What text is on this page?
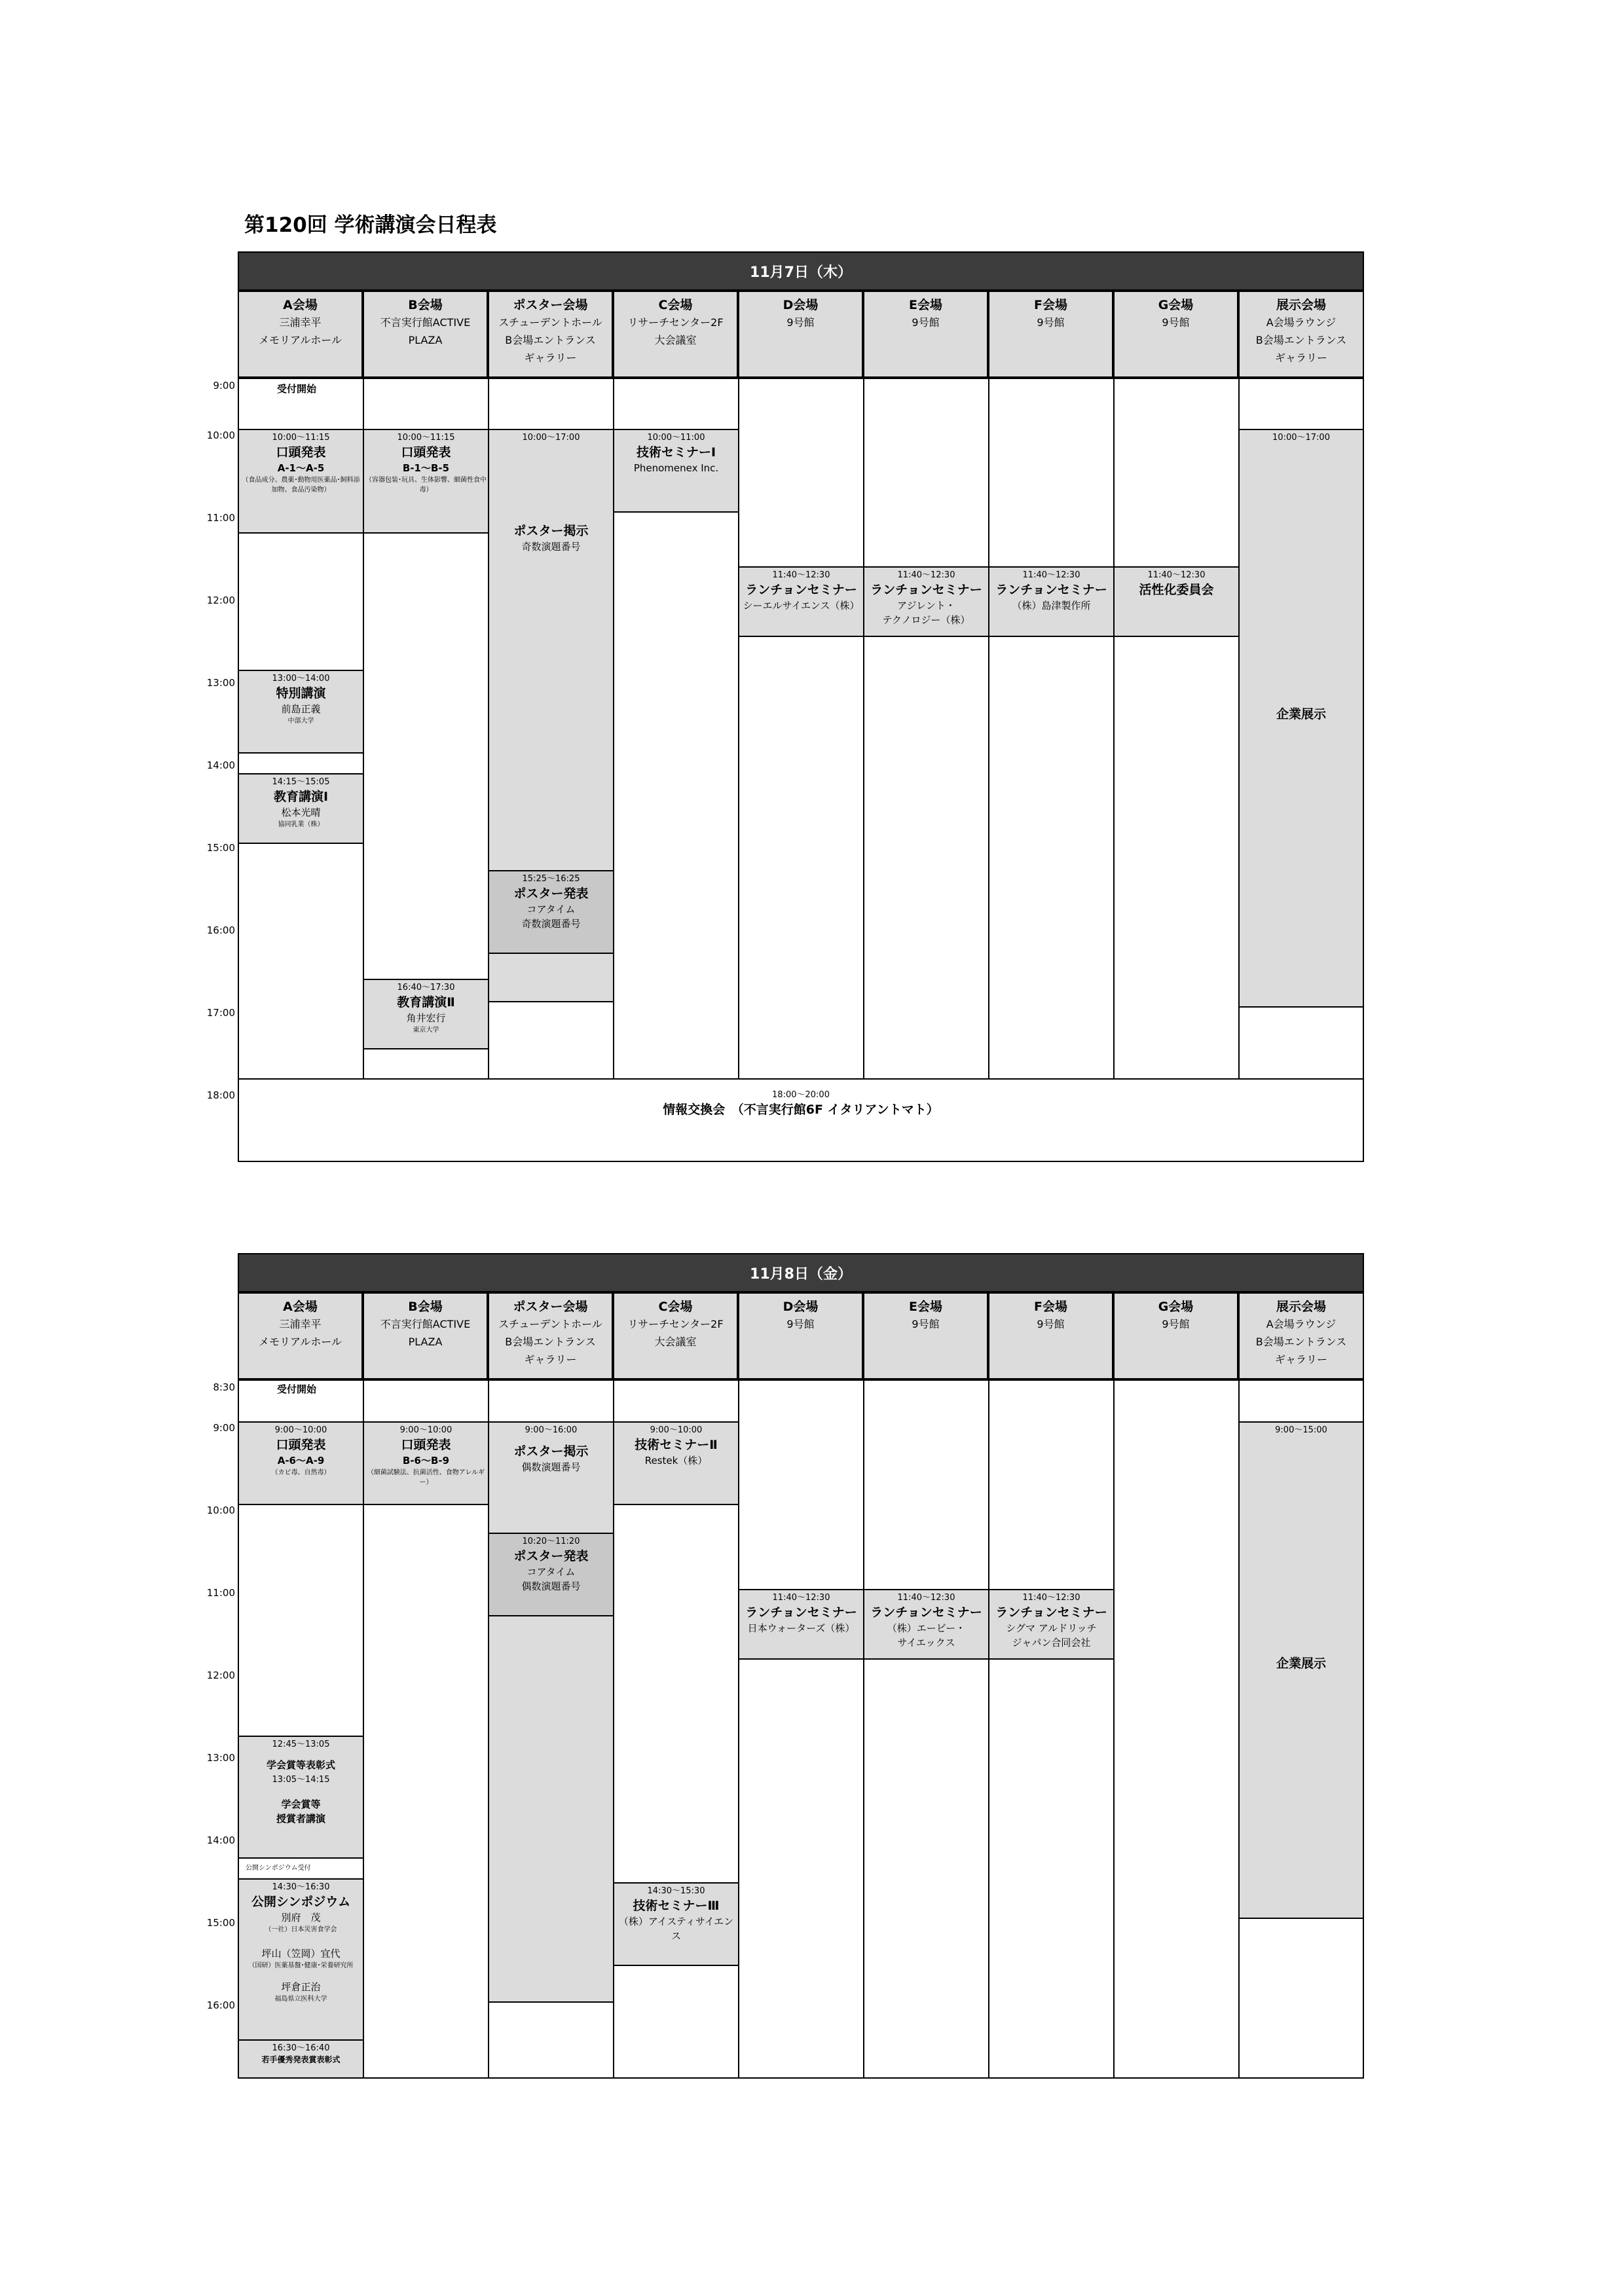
第120回 学術講演会日程表
11月7日（木）
A会場
三浦幸平
メモリアルホール
B会場
不言実行館ACTIVE
PLAZA
ポスター会場
スチューデントホール
B会場エントランス
ギャラリー
C会場
リサーチセンター2F
大会議室
D会場
9号館
E会場
9号館
F会場
9号館
G会場
9号館
展示会場
A会場ラウンジ
B会場エントランス
ギャラリー
9:00
10:00
11:00
12:00
13:00
14:00
15:00
16:00
17:00
18:00
受付開始
10:00～11:15
口頭発表
A-1～A-5
（食品成分、農薬･動物用医薬品･飼料添加物、食品汚染物）
13:00～14:00
特別講演
前島正義
中部大学
14:15～15:05
教育講演Ⅰ
松本光晴
協同乳業（株）
10:00～11:15
口頭発表
B-1～B-5
（容器包装･玩具、生体影響、細菌性食中毒）
16:40～17:30
教育講演Ⅱ
角井宏行
東京大学
10:00～17:00
ポスター掲示
奇数演題番号
15:25～16:25
ポスター発表
コアタイム
奇数演題番号
10:00～11:00
技術セミナーⅠ
Phenomenex Inc.
11:40～12:30
ランチョンセミナー
シーエルサイエンス（株）
11:40～12:30
ランチョンセミナー
アジレント・
テクノロジー（株）
11:40～12:30
ランチョンセミナー
（株）島津製作所
11:40～12:30
活性化委員会
10:00～17:00
企業展示
18:00～20:00
情報交換会　（不言実行館6F イタリアントマト）
11月8日（金）
A会場
三浦幸平
メモリアルホール
B会場
不言実行館ACTIVE
PLAZA
ポスター会場
スチューデントホール
B会場エントランス
ギャラリー
C会場
リサーチセンター2F
大会議室
D会場
9号館
E会場
9号館
F会場
9号館
G会場
9号館
展示会場
A会場ラウンジ
B会場エントランス
ギャラリー
8:30
9:00
10:00
11:00
12:00
13:00
14:00
15:00
16:00
受付開始
9:00～10:00
口頭発表
A-6～A-9
（カビ毒、自然毒）
12:45～13:05
学会賞等表彰式
13:05～14:15
学会賞等
授賞者講演
公開シンポジウム受付
14:30～16:30
公開シンポジウム
別府　茂
（一社）日本災害食学会
坪山（笠岡）宜代
（国研）医薬基盤･健康･栄養研究所
坪倉正治
福島県立医科大学
16:30～16:40
若手優秀発表賞表彰式
9:00～10:00
口頭発表
B-6～B-9
（細菌試験法、抗菌活性、食物アレルギー）
9:00～16:00
ポスター掲示
偶数演題番号
10:20～11:20
ポスター発表
コアタイム
偶数演題番号
9:00～10:00
技術セミナーⅡ
Restek（株）
14:30～15:30
技術セミナーⅢ
（株）アイスティサイエンス
11:40～12:30
ランチョンセミナー
日本ウォーターズ（株）
11:40～12:30
ランチョンセミナー
（株）エービー・
サイエックス
11:40～12:30
ランチョンセミナー
シグマ アルドリッチ
ジャパン合同会社
9:00～15:00
企業展示
